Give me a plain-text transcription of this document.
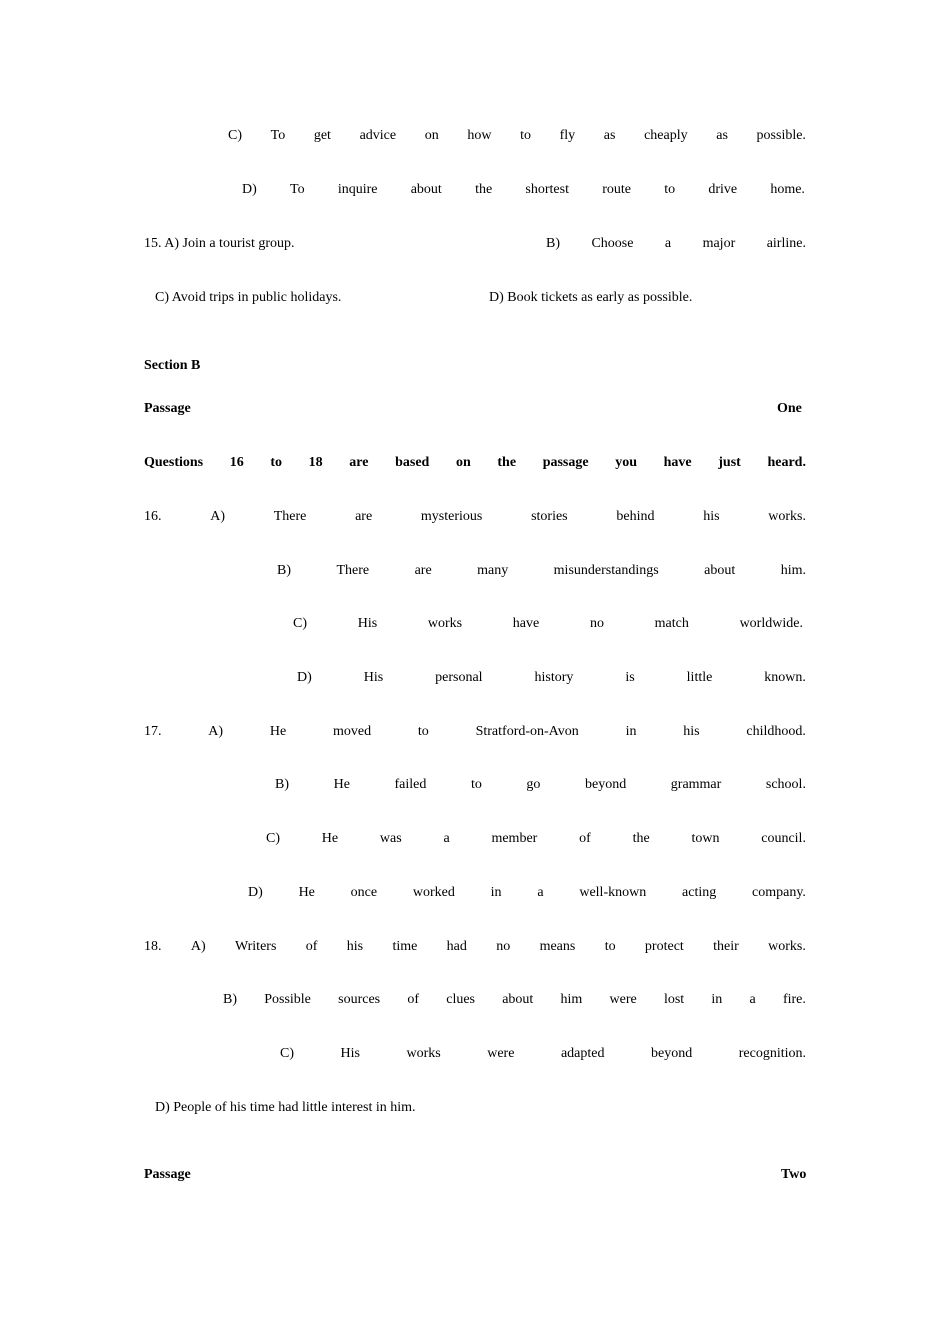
C) To get advice on how to fly as cheaply as possible.
D) To inquire about the shortest route to drive home.
15. A) Join a tourist group.	B) Choose a major airline.
C) Avoid trips in public holidays.	D) Book tickets as early as possible.
Section B
Passage	One
Questions 16 to 18 are based on the passage you have just heard.
16.	A)	There	are	mysterious	stories	behind	his	works.
B)	There	are	many	misunderstandings	about	him.
C)	His	works	have	no	match	worldwide.
D)	His	personal	history	is	little	known.
17.	A)	He	moved	to	Stratford-on-Avon	in	his	childhood.
B)	He	failed	to	go	beyond	grammar	school.
C)	He	was	a	member	of	the	town	council.
D)	He	once	worked	in	a	well-known	acting	company.
18. A) Writers of his time had no means to protect their works.
B) Possible sources of clues about him were lost in a fire.
C)	His	works	were	adapted	beyond	recognition.
D) People of his time had little interest in him.
Passage	Two
